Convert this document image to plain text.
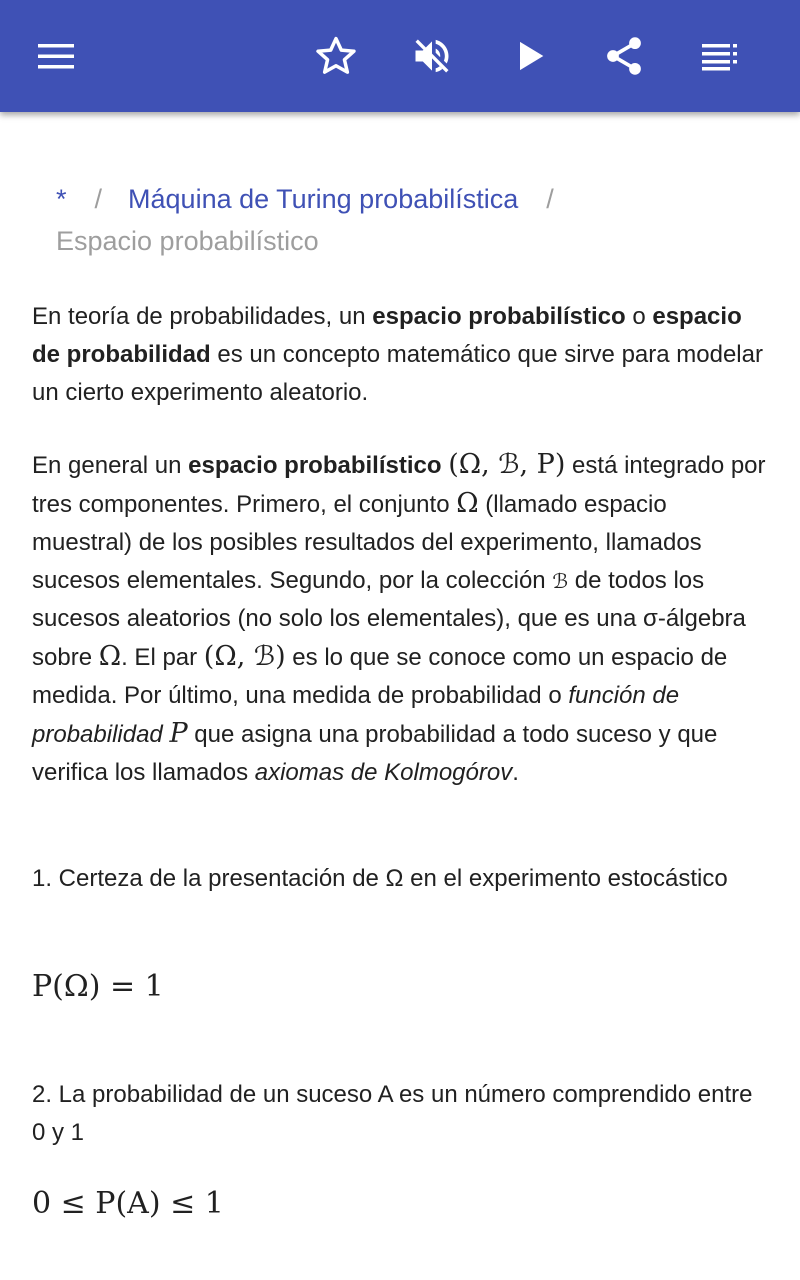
* / Máquina de Turing probabilística /
Espacio probabilístico

En teoría de probabilidades, un espacio probabilístico o espacio de probabilidad es un concepto matemático que sirve para modelar un cierto experimento aleatorio.

En general un espacio probabilístico (Ω, ℬ, P) está integrado por tres componentes. Primero, el conjunto Ω (llamado espacio muestral) de los posibles resultados del experimento, llamados sucesos elementales. Segundo, por la colección ℬ de todos los sucesos aleatorios (no solo los elementales), que es una σ-álgebra sobre Ω. El par (Ω, ℬ) es lo que se conoce como un espacio de medida. Por último, una medida de probabilidad o función de probabilidad P que asigna una probabilidad a todo suceso y que verifica los llamados axiomas de Kolmogórov.

1. Certeza de la presentación de Ω en el experimento estocástico

P(Ω) = 1

2. La probabilidad de un suceso A es un número comprendido entre 0 y 1

0 ≤ P(A) ≤ 1
